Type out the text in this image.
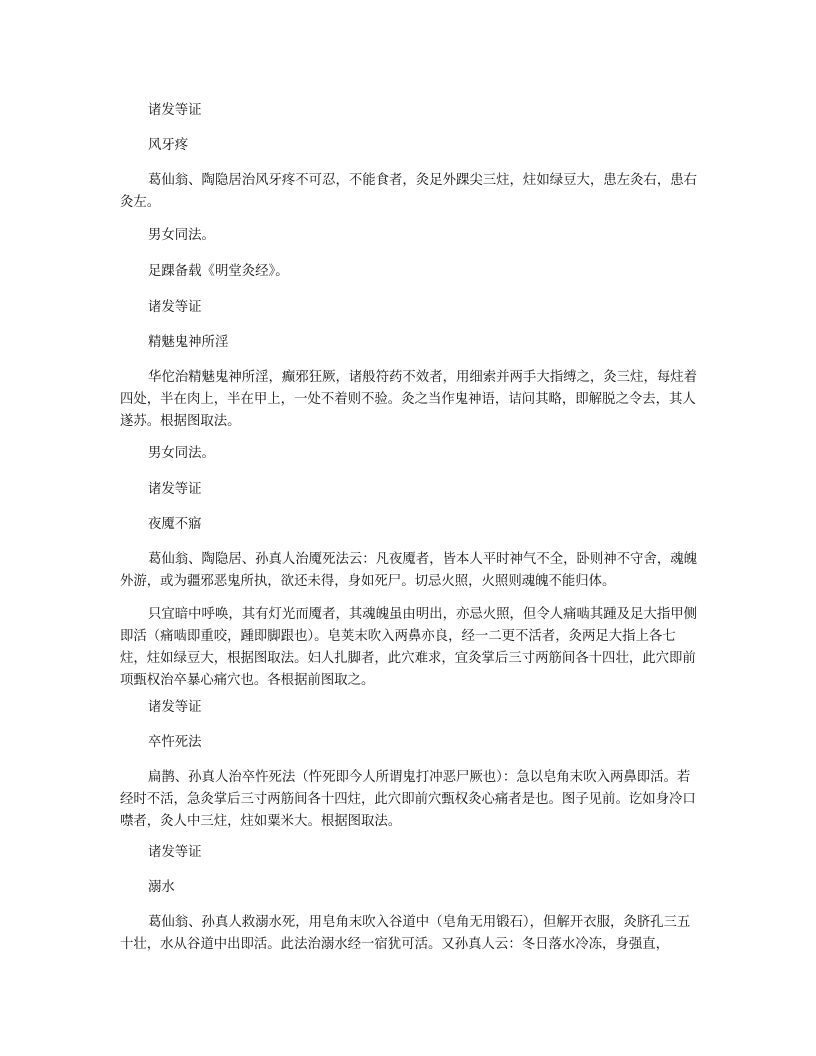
诸发等证

风牙疼

葛仙翁、陶隐居治风牙疼不可忍，不能食者，灸足外踝尖三炷，炷如绿豆大，患左灸右，患右灸左。

男女同法。

足踝备载《明堂灸经》。

诸发等证

精魅鬼神所淫

华佗治精魅鬼神所淫，癫邪狂厥，诸般符药不效者，用细索并两手大指缚之，灸三炷，每炷着四处，半在肉上，半在甲上，一处不着则不验。灸之当作鬼神语，诘问其略，即解脱之令去，其人遂苏。根据图取法。

男女同法。

诸发等证

夜魇不寤

葛仙翁、陶隐居、孙真人治魇死法云：凡夜魇者，皆本人平时神气不全，卧则神不守舍，魂魄外游，或为疆邪恶鬼所执，欲还未得，身如死尸。切忌火照，火照则魂魄不能归体。

只宜暗中呼唤，其有灯光而魇者，其魂魄虽由明出，亦忌火照，但令人痛啮其踵及足大指甲侧即活（痛啮即重咬，踵即脚跟也）。皂荚末吹入两鼻亦良，经一二更不活者，灸两足大指上各七炷，炷如绿豆大，根据图取法。妇人扎脚者，此穴难求，宜灸掌后三寸两筋间各十四壮，此穴即前项甄权治卒暴心痛穴也。各根据前图取之。

诸发等证

卒忤死法

扁鹊、孙真人治卒忤死法（忤死即今人所谓鬼打冲恶尸厥也）：急以皂角末吹入两鼻即活。若经时不活，急灸掌后三寸两筋间各十四炷，此穴即前穴甄权灸心痛者是也。图子见前。讫如身冷口噤者，灸人中三炷，炷如粟米大。根据图取法。

诸发等证

溺水

葛仙翁、孙真人救溺水死，用皂角末吹入谷道中（皂角无用锻石），但解开衣服，灸脐孔三五十壮，水从谷道中出即活。此法治溺水经一宿犹可活。又孙真人云：冬日落水冷冻，身强直，
